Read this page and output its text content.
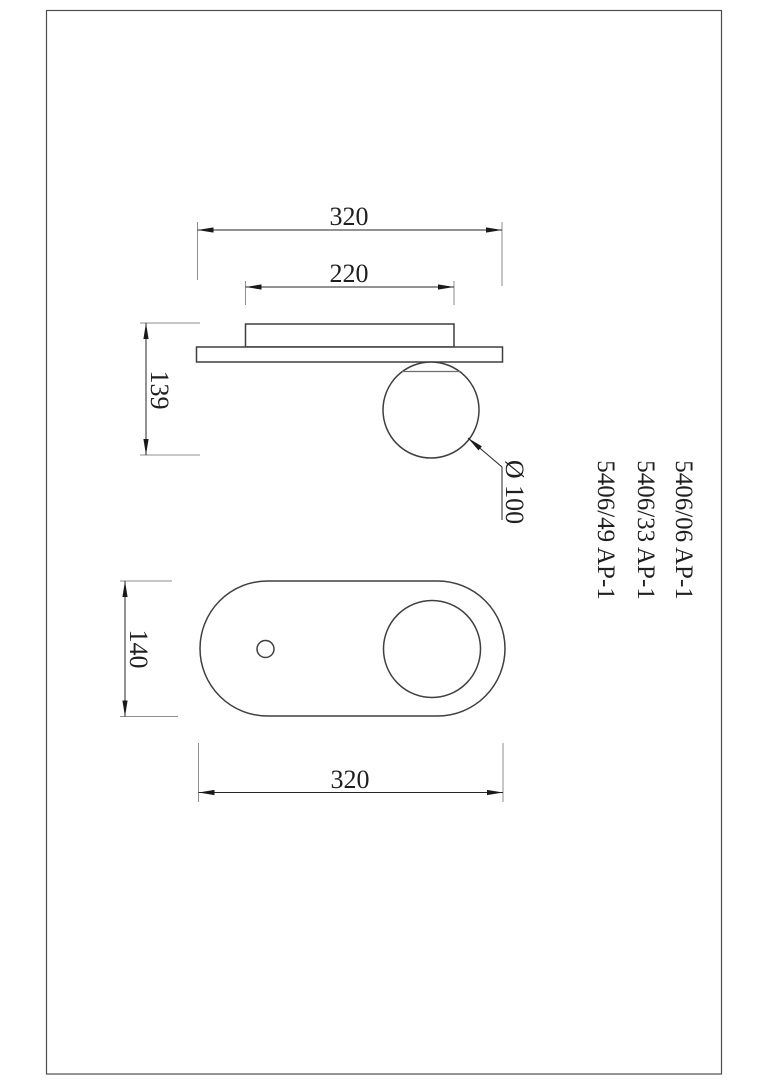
320
220
139
Ø 100
140
320
5406/06 AP-1
5406/33 AP-1
5406/49 AP-1
